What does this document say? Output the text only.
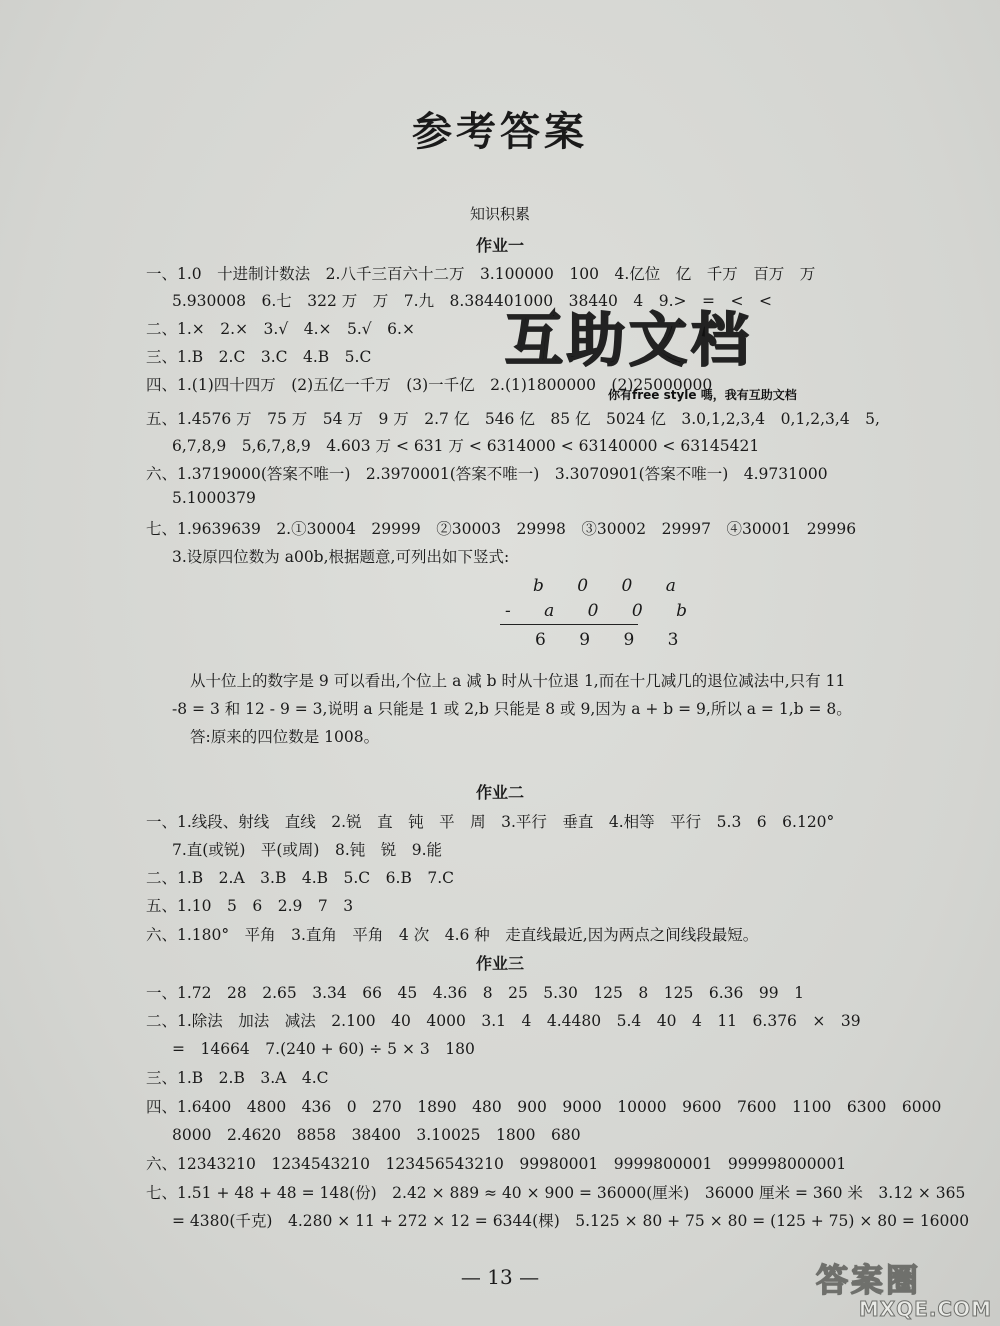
参考答案
知识积累
作业一
一、1.0　十进制计数法　2.八千三百六十二万　3.100000　100　4.亿位　亿　千万　百万　万
5.930008　6.七　322 万　万　7.九　8.384401000　38440　4　9.>　=　<　<
二、1.×　2.×　3.√　4.×　5.√　6.×
三、1.B　2.C　3.C　4.B　5.C
四、1.(1)四十四万　(2)五亿一千万　(3)一千亿　2.(1)1800000　(2)25000000
五、1.4576 万　75 万　54 万　9 万　2.7 亿　546 亿　85 亿　5024 亿　3.0,1,2,3,4　0,1,2,3,4　5,
6,7,8,9　5,6,7,8,9　4.603 万 < 631 万 < 6314000 < 63140000 < 63145421
六、1.3719000(答案不唯一)　2.3970001(答案不唯一)　3.3070901(答案不唯一)　4.9731000
5.1000379
七、1.9639639　2.①30004　29999　②30003　29998　③30002　29997　④30001　29996
3.设原四位数为 a00b,根据题意,可列出如下竖式:
b 0 0 a
- a 0 0 b
6 9 9 3
从十位上的数字是 9 可以看出,个位上 a 减 b 时从十位退 1,而在十几减几的退位减法中,只有 11
-8 = 3 和 12 - 9 = 3,说明 a 只能是 1 或 2,b 只能是 8 或 9,因为 a + b = 9,所以 a = 1,b = 8。
答:原来的四位数是 1008。
作业二
一、1.线段、射线　直线　2.锐　直　钝　平　周　3.平行　垂直　4.相等　平行　5.3　6　6.120°
7.直(或锐)　平(或周)　8.钝　锐　9.能
二、1.B　2.A　3.B　4.B　5.C　6.B　7.C
五、1.10　5　6　2.9　7　3
六、1.180°　平角　3.直角　平角　4 次　4.6 种　走直线最近,因为两点之间线段最短。
作业三
一、1.72　28　2.65　3.34　66　45　4.36　8　25　5.30　125　8　125　6.36　99　1
二、1.除法　加法　减法　2.100　40　4000　3.1　4　4.4480　5.4　40　4　11　6.376　×　39
=　14664　7.(240 + 60) ÷ 5 × 3　180
三、1.B　2.B　3.A　4.C
四、1.6400　4800　436　0　270　1890　480　900　9000　10000　9600　7600　1100　6300　6000
8000　2.4620　8858　38400　3.10025　1800　680
六、12343210　1234543210　123456543210　99980001　9999800001　999998000001
七、1.51 + 48 + 48 = 148(份)　2.42 × 889 ≈ 40 × 900 = 36000(厘米)　36000 厘米 = 360 米　3.12 × 365
= 4380(千克)　4.280 × 11 + 272 × 12 = 6344(棵)　5.125 × 80 + 75 × 80 = (125 + 75) × 80 = 16000
互助文档
你有free style 嗎，我有互助文档
— 13 —	答案圈
MXQE.COM
